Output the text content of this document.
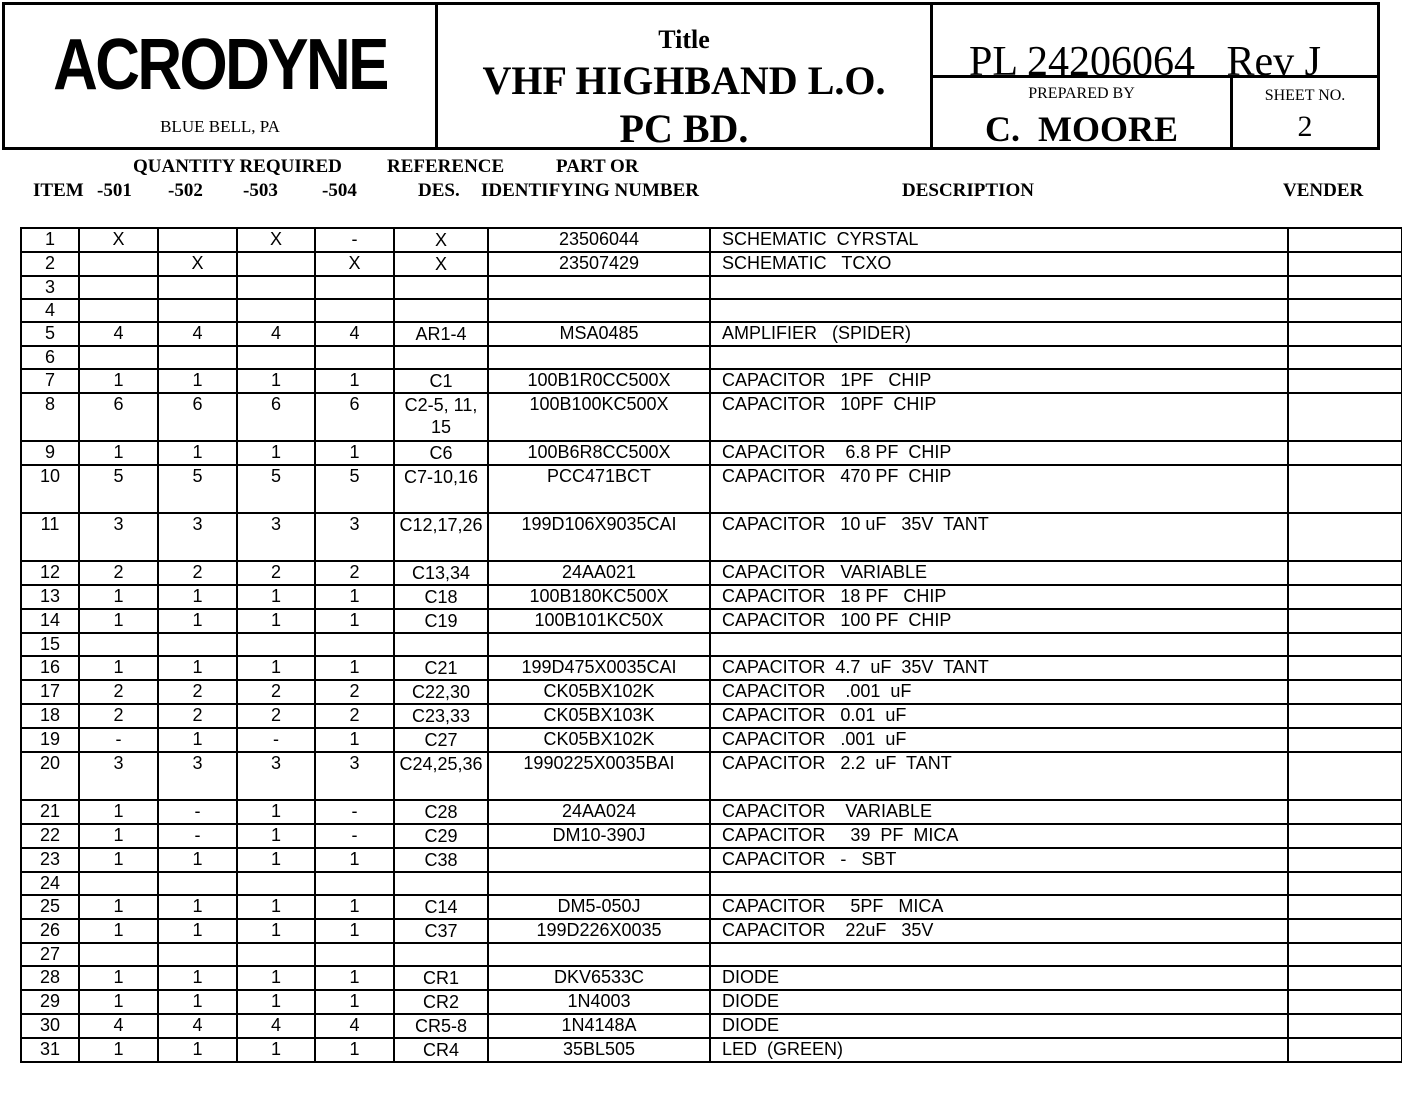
ACRODYNE
BLUE BELL, PA
Title
VHF HIGHBAND L.O.
PC BD.
PL 24206064   Rev J
PREPARED BY
C.  MOORE
SHEET NO.
2
QUANTITY REQUIRED REFERENCE	PART OR
ITEM -501 -502 -503 -504	DES. IDENTIFYING NUMBER	DESCRIPTION	VENDER
1	X		X	-	X	23506044	SCHEMATIC  CYRSTAL	
2		X		X	X	23507429	SCHEMATIC   TCXO	
3								
4								
5	4	4	4	4	AR1-4	MSA0485	AMPLIFIER   (SPIDER)	
6								
7	1	1	1	1	C1	100B1R0CC500X	CAPACITOR   1PF   CHIP	
8	6	6	6	6	C2-5, 11, 15	100B100KC500X	CAPACITOR   10PF  CHIP	
9	1	1	1	1	C6	100B6R8CC500X	CAPACITOR    6.8 PF  CHIP	
10	5	5	5	5	C7-10,16	PCC471BCT	CAPACITOR   470 PF  CHIP	
11	3	3	3	3	C12,17,26	199D106X9035CAI	CAPACITOR   10 uF   35V  TANT	
12	2	2	2	2	C13,34	24AA021	CAPACITOR   VARIABLE	
13	1	1	1	1	C18	100B180KC500X	CAPACITOR   18 PF   CHIP	
14	1	1	1	1	C19	100B101KC50X	CAPACITOR   100 PF  CHIP	
15								
16	1	1	1	1	C21	199D475X0035CAI	CAPACITOR  4.7  uF  35V  TANT	
17	2	2	2	2	C22,30	CK05BX102K	CAPACITOR    .001  uF	
18	2	2	2	2	C23,33	CK05BX103K	CAPACITOR   0.01  uF	
19	-	1	-	1	C27	CK05BX102K	CAPACITOR   .001  uF	
20	3	3	3	3	C24,25,36	1990225X0035BAI	CAPACITOR   2.2  uF  TANT	
21	1	-	1	-	C28	24AA024	CAPACITOR    VARIABLE	
22	1	-	1	-	C29	DM10-390J	CAPACITOR     39  PF  MICA	
23	1	1	1	1	C38		CAPACITOR   -   SBT	
24								
25	1	1	1	1	C14	DM5-050J	CAPACITOR     5PF   MICA	
26	1	1	1	1	C37	199D226X0035	CAPACITOR    22uF   35V	
27								
28	1	1	1	1	CR1	DKV6533C	DIODE	
29	1	1	1	1	CR2	1N4003	DIODE	
30	4	4	4	4	CR5-8	1N4148A	DIODE	
31	1	1	1	1	CR4	35BL505	LED  (GREEN)	
